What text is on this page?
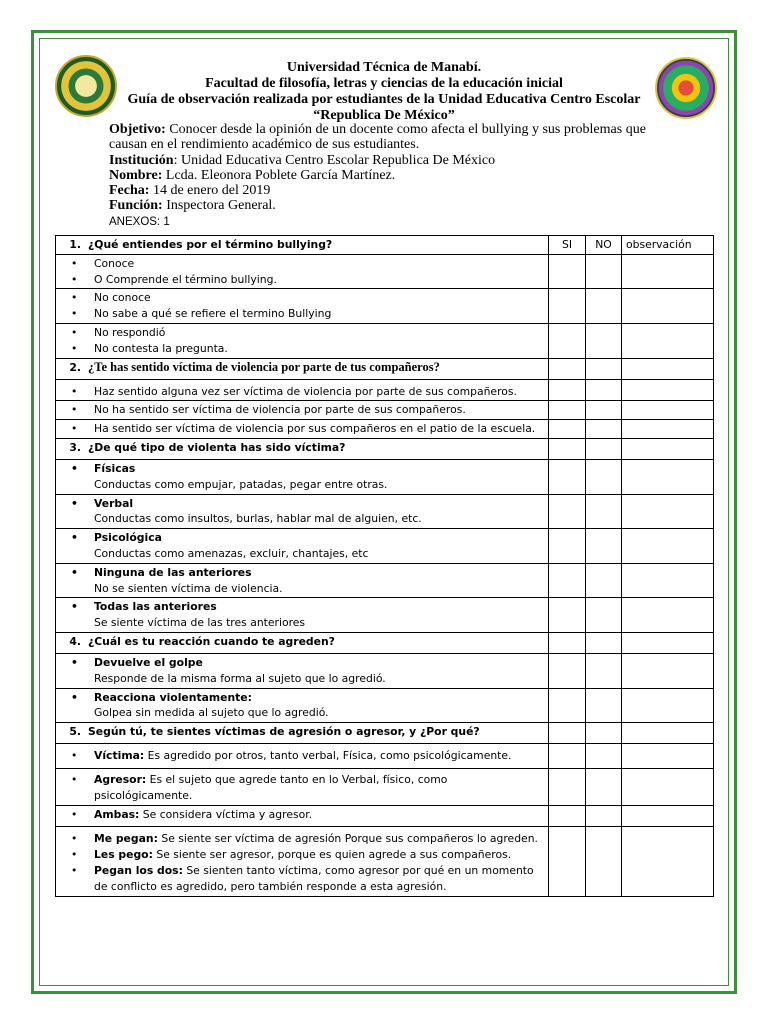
Universidad Técnica de Manabí.
Facultad de filosofía, letras y ciencias de la educación inicial
Guía de observación realizada por estudiantes de la Unidad Educativa Centro Escolar
“Republica De México”
Objetivo: Conocer desde la opinión de un docente como afecta el bullying y sus problemas que causan en el rendimiento académico de sus estudiantes.
Institución: Unidad Educativa Centro Escolar Republica De México
Nombre: Lcda. Eleonora Poblete García Martínez.
Fecha: 14 de enero del 2019
Función: Inspectora General.
ANEXOS: 1
1. ¿Qué entiendes por el término bullying?	SI	NO	observación

• Conoce
• O Comprende el término bullying.

• No conoce
• No sabe a qué se refiere el termino Bullying

• No respondió
• No contesta la pregunta.

2. ¿Te has sentido víctima de violencia por parte de tus compañeros?			

• Haz sentido alguna vez ser víctima de violencia por parte de sus compañeros.

• No ha sentido ser víctima de violencia por parte de sus compañeros.

• Ha sentido ser víctima de violencia por sus compañeros en el patio de la escuela.

3. ¿De qué tipo de violenta has sido víctima?			

• Físicas
Conductas como empujar, patadas, pegar entre otras.

• Verbal
Conductas como insultos, burlas, hablar mal de alguien, etc.

• Psicológica
Conductas como amenazas, excluir, chantajes, etc

• Ninguna de las anteriores
No se sienten víctima de violencia.

• Todas las anteriores
Se siente víctima de las tres anteriores

4. ¿Cuál es tu reacción cuando te agreden?			

• Devuelve el golpe
Responde de la misma forma al sujeto que lo agredió.

• Reacciona violentamente:
Golpea sin medida al sujeto que lo agredió.

5. Según tú, te sientes víctimas de agresión o agresor, y ¿Por qué?			

• Víctima: Es agredido por otros, tanto verbal, Física, como psicológicamente.

• Agresor: Es el sujeto que agrede tanto en lo Verbal, físico, como psicológicamente.

• Ambas: Se considera víctima y agresor.

• Me pegan: Se siente ser víctima de agresión Porque sus compañeros lo agreden.
• Les pego: Se siente ser agresor, porque es quien agrede a sus compañeros.
• Pegan los dos: Se sienten tanto víctima, como agresor por qué en un momento de conflicto es agredido, pero también responde a esta agresión.
